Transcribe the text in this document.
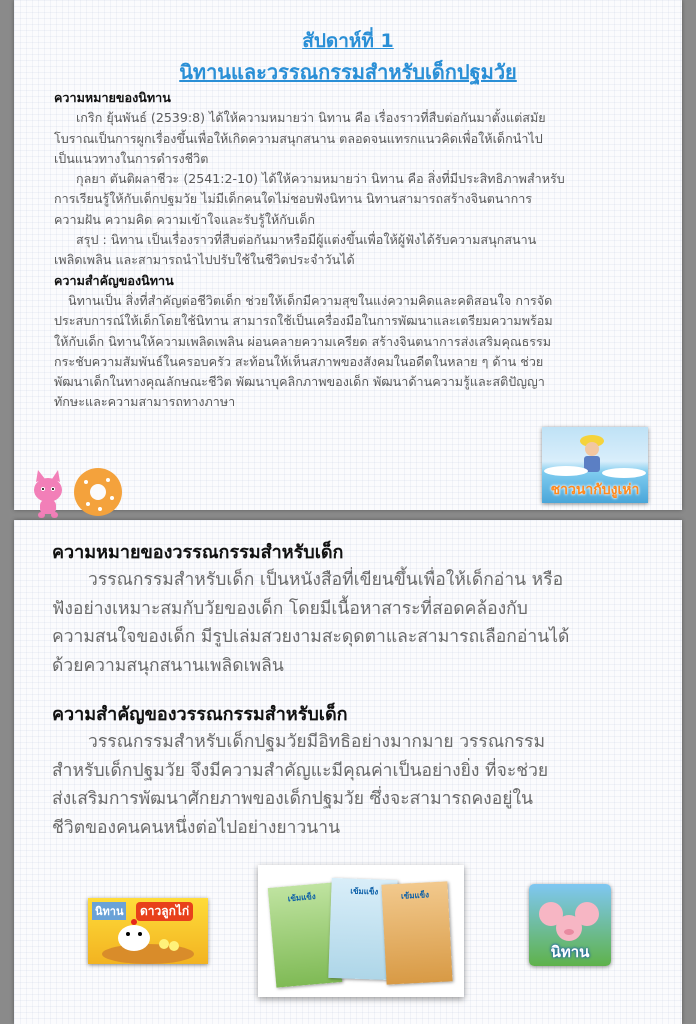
สัปดาห์ที่ 1
นิทานและวรรณกรรมสำหรับเด็กปฐมวัย
ความหมายของนิทาน
เกริก ยุ้นพันธ์ (2539:8) ได้ให้ความหมายว่า นิทาน คือ เรื่องราวที่สืบต่อกันมาตั้งแต่สมัย
โบราณเป็นการผูกเรื่องขึ้นเพื่อให้เกิดความสนุกสนาน ตลอดจนแทรกแนวคิดเพื่อให้เด็กนำไป
เป็นแนวทางในการดำรงชีวิต
กุลยา ตันติผลาชีวะ (2541:2-10) ได้ให้ความหมายว่า นิทาน คือ สิ่งที่มีประสิทธิภาพสำหรับ
การเรียนรู้ให้กับเด็กปฐมวัย ไม่มีเด็กคนใดไม่ชอบฟังนิทาน นิทานสามารถสร้างจินตนาการ
ความฝัน ความคิด ความเข้าใจและรับรู้ให้กับเด็ก
สรุป : นิทาน เป็นเรื่องราวที่สืบต่อกันมาหรือมีผู้แต่งขึ้นเพื่อให้ผู้ฟังได้รับความสนุกสนาน
เพลิดเพลิน และสามารถนำไปปรับใช้ในชีวิตประจำวันได้
ความสำคัญของนิทาน
นิทานเป็น สิ่งที่สำคัญต่อชีวิตเด็ก ช่วยให้เด็กมีความสุขในแง่ความคิดและคติสอนใจ การจัด
ประสบการณ์ให้เด็กโดยใช้นิทาน สามารถใช้เป็นเครื่องมือในการพัฒนาและเตรียมความพร้อม
ให้กับเด็ก นิทานให้ความเพลิดเพลิน ผ่อนคลายความเครียด สร้างจินตนาการส่งเสริมคุณธรรม
กระชับความสัมพันธ์ในครอบครัว สะท้อนให้เห็นสภาพของสังคมในอดีตในหลาย ๆ ด้าน ช่วย
พัฒนาเด็กในทางคุณลักษณะชีวิต พัฒนาบุคลิกภาพของเด็ก พัฒนาด้านความรู้และสติปัญญา
ทักษะและความสามารถทางภาษา
ชาวนากับงูเห่า
ความหมายของวรรณกรรมสำหรับเด็ก
วรรณกรรมสำหรับเด็ก เป็นหนังสือที่เขียนขึ้นเพื่อให้เด็กอ่าน หรือ
ฟังอย่างเหมาะสมกับวัยของเด็ก โดยมีเนื้อหาสาระที่สอดคล้องกับ
ความสนใจของเด็ก มีรูปเล่มสวยงามสะดุดตาและสามารถเลือกอ่านได้
ด้วยความสนุกสนานเพลิดเพลิน
ความสำคัญของวรรณกรรมสำหรับเด็ก
วรรณกรรมสำหรับเด็กปฐมวัยมีอิทธิอย่างมากมาย วรรณกรรม
สำหรับเด็กปฐมวัย จึงมีความสำคัญแะมีคุณค่าเป็นอย่างยิ่ง ที่จะช่วย
ส่งเสริมการพัฒนาศักยภาพของเด็กปฐมวัย ซึ่งจะสามารถคงอยู่ใน
ชีวิตของคนคนหนึ่งต่อไปอย่างยาวนาน
นิทาน	ดาวลูกไก่
เข้มแข็ง
เข้มแข็ง	เข้มแข็ง
นิทาน
